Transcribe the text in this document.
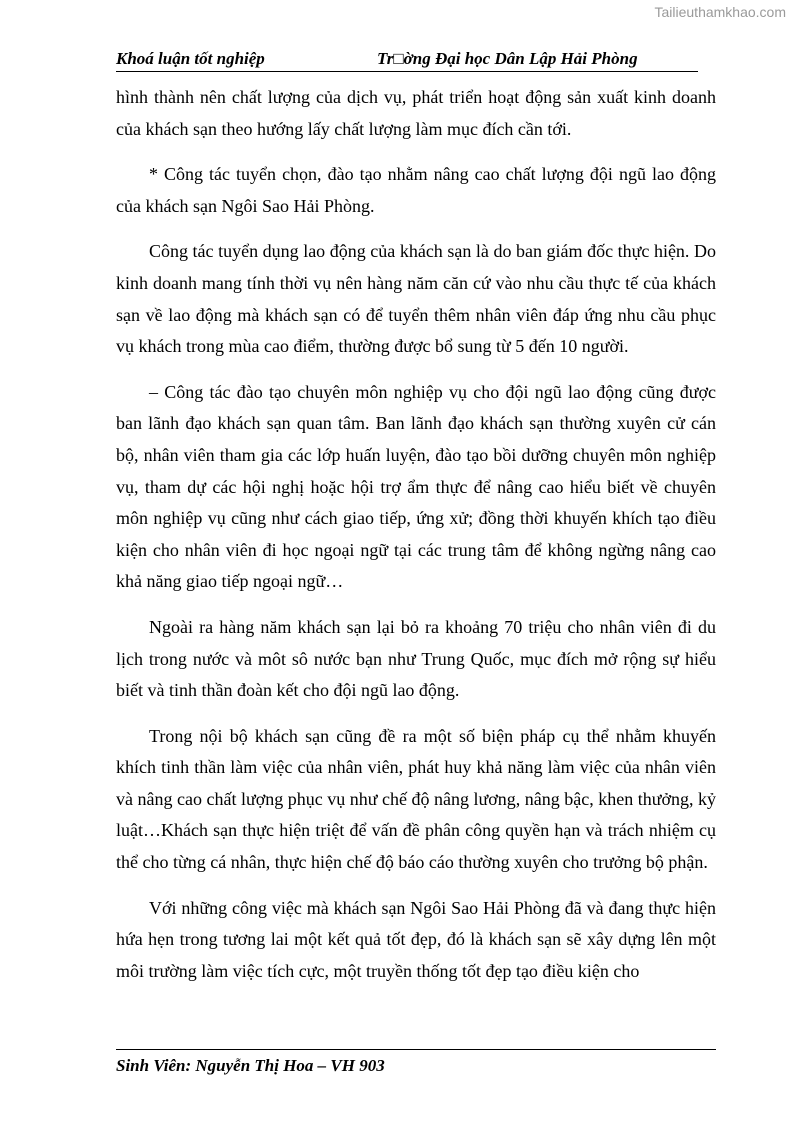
Tailieuthamkhao.com
Khoá luận tốt nghiệp	Tr□ờng Đại học Dân Lập Hải Phòng

hình thành nên chất lượng của dịch vụ, phát triển hoạt động sản xuất kinh doanh của khách sạn theo hướng lấy chất lượng làm mục đích cần tới.

* Công tác tuyển chọn, đào tạo nhằm nâng cao chất lượng đội ngũ lao động của khách sạn Ngôi Sao Hải Phòng.

Công tác tuyển dụng lao động của khách sạn là do ban giám đốc thực hiện. Do kinh doanh mang tính thời vụ nên hàng năm căn cứ vào nhu cầu thực tế của khách sạn về lao động mà khách sạn có để tuyển thêm nhân viên đáp ứng nhu cầu phục vụ khách trong mùa cao điểm, thường được bổ sung từ 5 đến 10 người.

– Công tác đào tạo chuyên môn nghiệp vụ cho đội ngũ lao động cũng được ban lãnh đạo khách sạn quan tâm. Ban lãnh đạo khách sạn thường xuyên cử cán bộ, nhân viên tham gia các lớp huấn luyện, đào tạo bồi dưỡng chuyên môn nghiệp vụ, tham dự các hội nghị hoặc hội trợ ẩm thực để nâng cao hiểu biết về chuyên môn nghiệp vụ cũng như cách giao tiếp, ứng xử; đồng thời khuyến khích tạo điều kiện cho nhân viên đi học ngoại ngữ tại các trung tâm để không ngừng nâng cao khả năng giao tiếp ngoại ngữ…

Ngoài ra hàng năm khách sạn lại bỏ ra khoảng 70 triệu cho nhân viên đi du lịch trong nước và môt sô nước bạn như Trung Quốc, mục đích mở rộng sự hiểu biết và tinh thần đoàn kết cho đội ngũ lao động.

Trong nội bộ khách sạn cũng đề ra một số biện pháp cụ thể nhằm khuyến khích tinh thần làm việc của nhân viên, phát huy khả năng làm việc của nhân viên và nâng cao chất lượng phục vụ như chế độ nâng lương, nâng bậc, khen thưởng, kỷ luật…Khách sạn thực hiện triệt để vấn đề phân công quyền hạn và trách nhiệm cụ thể cho từng cá nhân, thực hiện chế độ báo cáo thường xuyên cho trưởng bộ phận.

Với những công việc mà khách sạn Ngôi Sao Hải Phòng đã và đang thực hiện hứa hẹn trong tương lai một kết quả tốt đẹp, đó là khách sạn sẽ xây dựng lên một môi trường làm việc tích cực, một truyền thống tốt đẹp tạo điều kiện cho

Sinh Viên: Nguyễn Thị Hoa – VH 903
